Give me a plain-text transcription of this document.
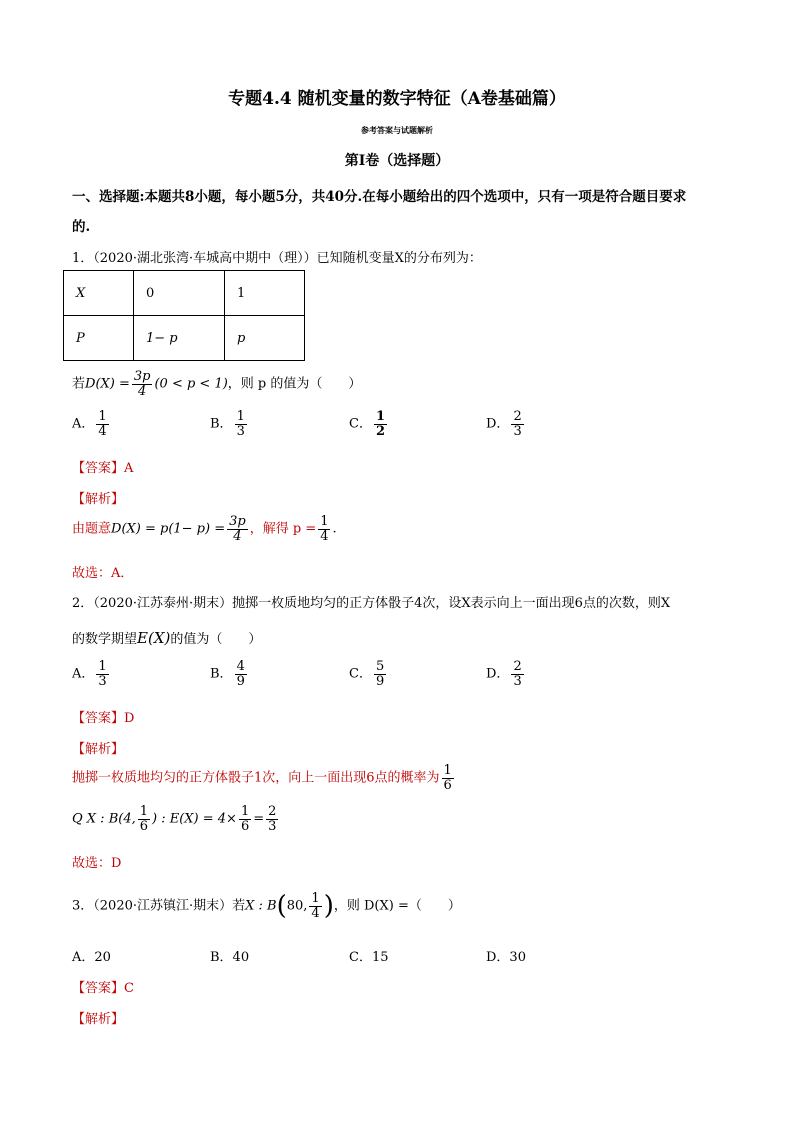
专题4.4 随机变量的数字特征（A卷基础篇）
参考答案与试题解析
第I卷（选择题）
一、选择题:本题共8小题，每小题5分，共40分.在每小题给出的四个选项中，只有一项是符合题目要求
的.
1．（2020·湖北张湾·车城高中期中（理））已知随机变量X的分布列为：
X	0	1
P	1− p	p
若$D(X) = \frac{3p}{4} (0 < p < 1)$，则 p 的值为（　　）
A． $\frac{1}{4}$	B． $\frac{1}{3}$	C． $\frac{1}{2}$	D． $\frac{2}{3}$
【答案】A
【解析】
由题意$D(X) = p(1- p) = \frac{3p}{4}$ ，解得 $p = \frac{1}{4}$ .
故选：A．
2．（2020·江苏泰州·期末）抛掷一枚质地均匀的正方体骰子4次，设X表示向上一面出现6点的次数，则X
的数学期望E(X)的值为（　　）
A． $\frac{1}{3}$	B． $\frac{4}{9}$	C． $\frac{5}{9}$	D． $\frac{2}{3}$
【答案】D
【解析】
抛掷一枚质地均匀的正方体骰子1次，向上一面出现6点的概率为 $\frac{1}{6}$
Q X : B(4, $\frac{1}{6}$ ) : $E(X) = 4\times \frac{1}{6} = \frac{2}{3}$
故选：D
3．（2020·江苏镇江·期末）若X : B(80, $\frac{1}{4}$ )，则 D(X) =（　　）
A．20	B．40	C．15	D．30
【答案】C
【解析】
